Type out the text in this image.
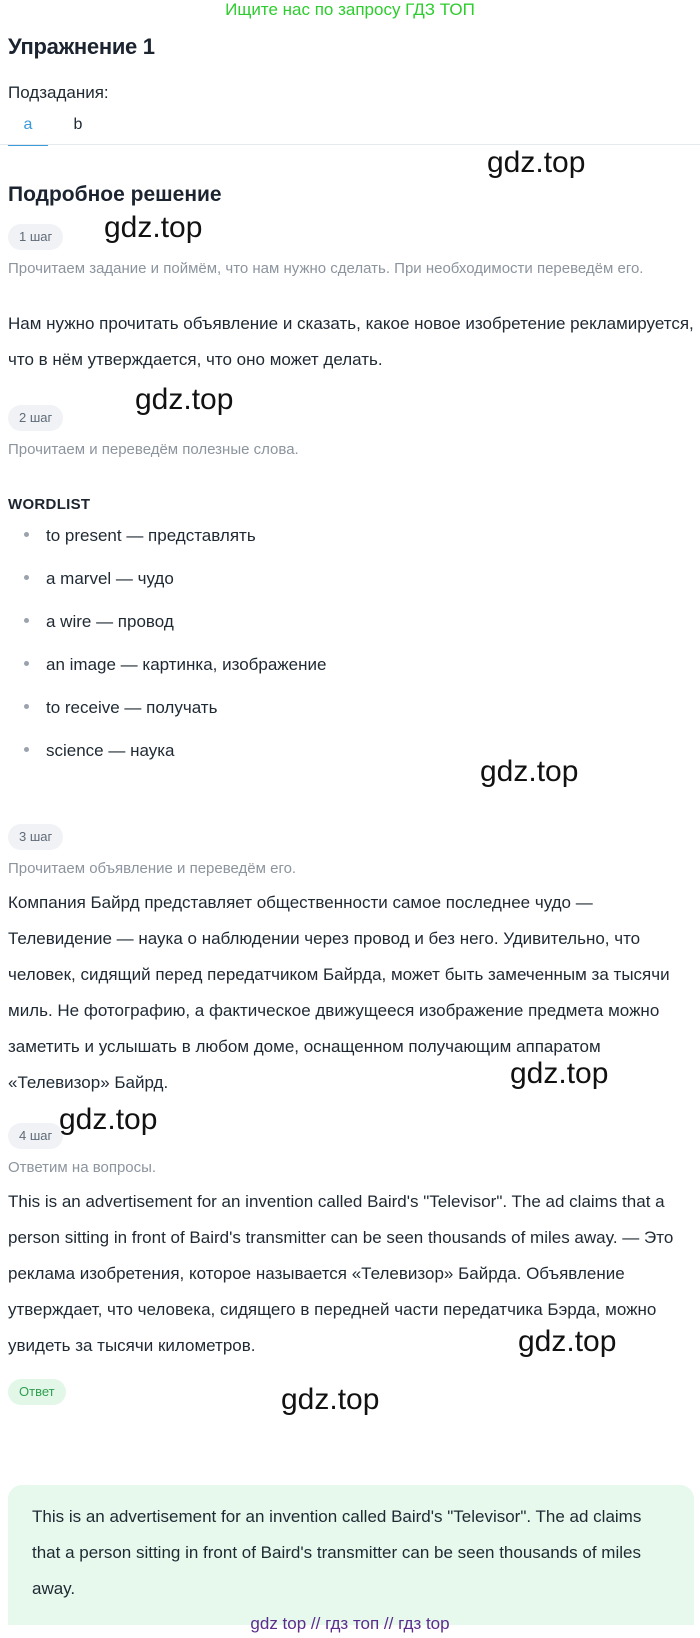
Ищите нас по запросу ГДЗ ТОП
Упражнение 1
Подзадания:
a	b
gdz.top
Подробное решение
1 шаг	gdz.top
Прочитаем задание и поймём, что нам нужно сделать. При необходимости переведём его.
Нам нужно прочитать объявление и сказать, какое новое изобретение рекламируется, что в нём утверждается, что оно может делать.
2 шаг
gdz.top
Прочитаем и переведём полезные слова.
WORDLIST
to present — представлять
a marvel — чудо
a wire — провод
an image — картинка, изображение
to receive — получать
science — наука
gdz.top
3 шаг
Прочитаем объявление и переведём его.
Компания Байрд представляет общественности самое последнее чудо — Телевидение — наука о наблюдении через провод и без него. Удивительно, что человек, сидящий перед передатчиком Байрда, может быть замеченным за тысячи миль. Не фотографию, а фактическое движущееся изображение предмета можно заметить и услышать в любом доме, оснащенном получающим аппаратом «Телевизор» Байрд.	gdz.top
4 шаг gdz.top
Ответим на вопросы.
This is an advertisement for an invention called Baird's "Televisor". The ad claims that a person sitting in front of Baird's transmitter can be seen thousands of miles away. — Это реклама изобретения, которое называется «Телевизор» Байрда. Объявление утверждает, что человека, сидящего в передней части передатчика Бэрда, можно увидеть за тысячи километров.	gdz.top
Ответ
This is an advertisement for an invention called Baird's "Televisor". The ad claims that a person sitting in front of Baird's transmitter can be seen thousands of miles away.
gdz.top
gdz top // гдз топ // гдз top
